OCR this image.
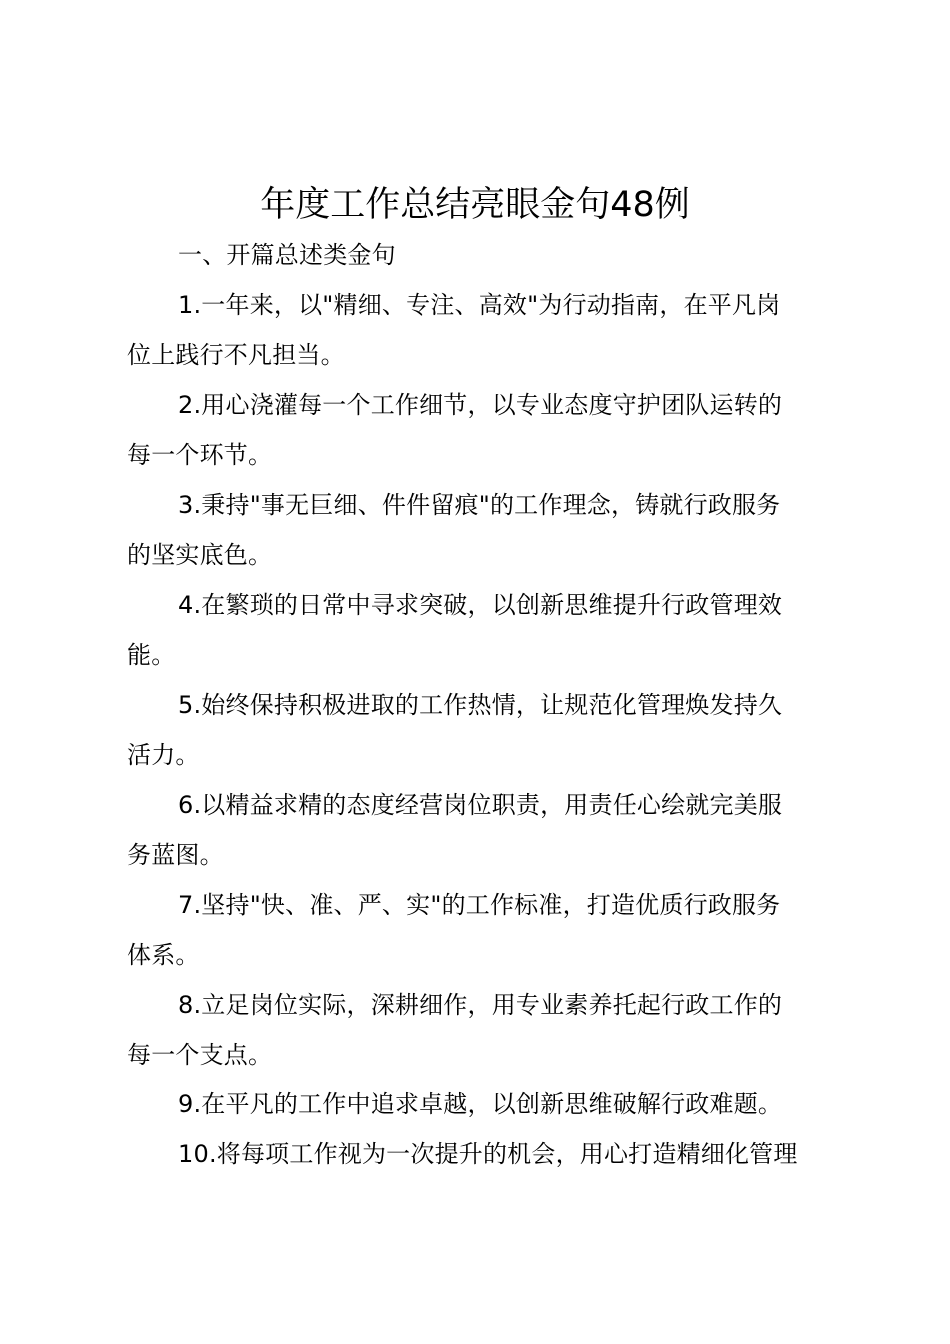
年度工作总结亮眼金句48例
一、开篇总述类金句
1.一年来，以"精细、专注、高效"为行动指南，在平凡岗
位上践行不凡担当。
2.用心浇灌每一个工作细节，以专业态度守护团队运转的
每一个环节。
3.秉持"事无巨细、件件留痕"的工作理念，铸就行政服务
的坚实底色。
4.在繁琐的日常中寻求突破，以创新思维提升行政管理效
能。
5.始终保持积极进取的工作热情，让规范化管理焕发持久
活力。
6.以精益求精的态度经营岗位职责，用责任心绘就完美服
务蓝图。
7.坚持"快、准、严、实"的工作标准，打造优质行政服务
体系。
8.立足岗位实际，深耕细作，用专业素养托起行政工作的
每一个支点。
9.在平凡的工作中追求卓越，以创新思维破解行政难题。
10.将每项工作视为一次提升的机会，用心打造精细化管理
